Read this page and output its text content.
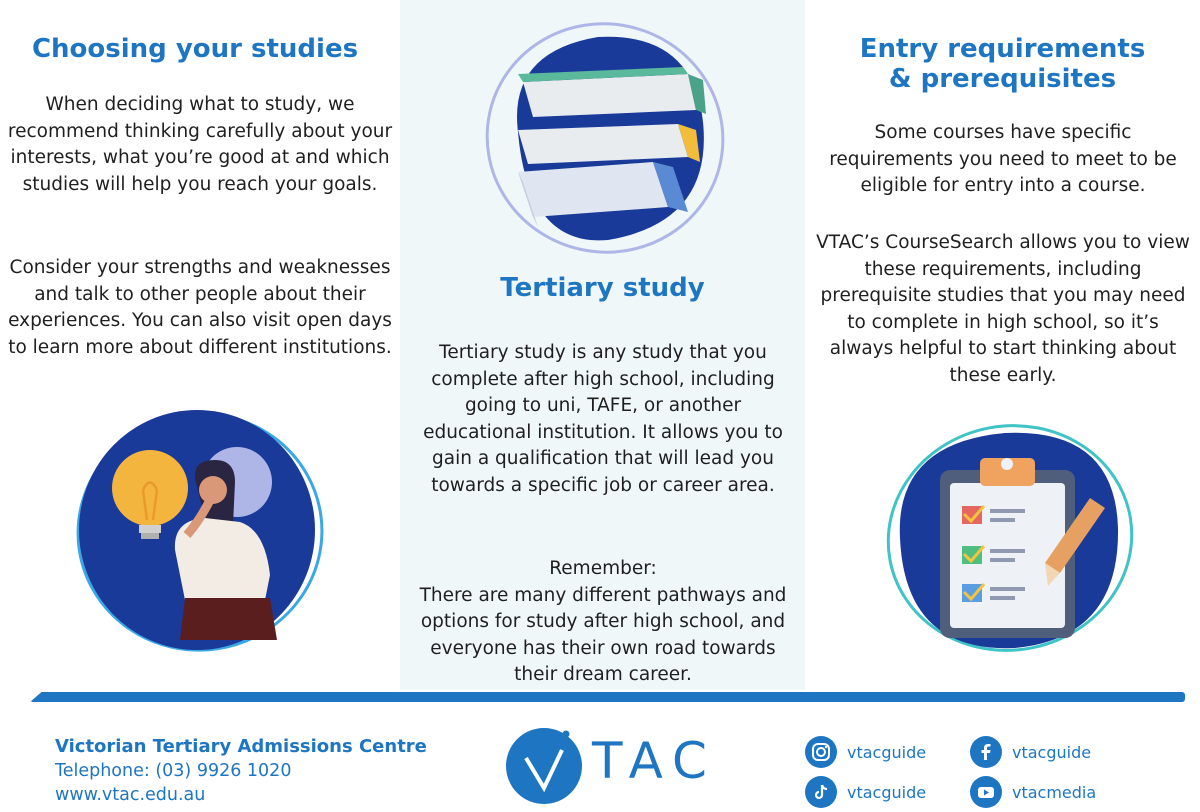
Choosing your studies

When deciding what to study, we recommend thinking carefully about your interests, what you’re good at and which studies will help you reach your goals.

Consider your strengths and weaknesses and talk to other people about their experiences. You can also visit open days to learn more about different institutions.

Tertiary study

Tertiary study is any study that you complete after high school, including going to uni, TAFE, or another educational institution. It allows you to gain a qualification that will lead you towards a specific job or career area.

Remember:
There are many different pathways and options for study after high school, and everyone has their own road towards their dream career.

Entry requirements
& prerequisites

Some courses have specific requirements you need to meet to be eligible for entry into a course.

VTAC’s CourseSearch allows you to view these requirements, including prerequisite studies that you may need to complete in high school, so it’s always helpful to start thinking about these early.

Victorian Tertiary Admissions Centre
Telephone: (03) 9926 1020
www.vtac.edu.au
TAC	vtacguide	vtacguide
vtacguide	vtacmedia
